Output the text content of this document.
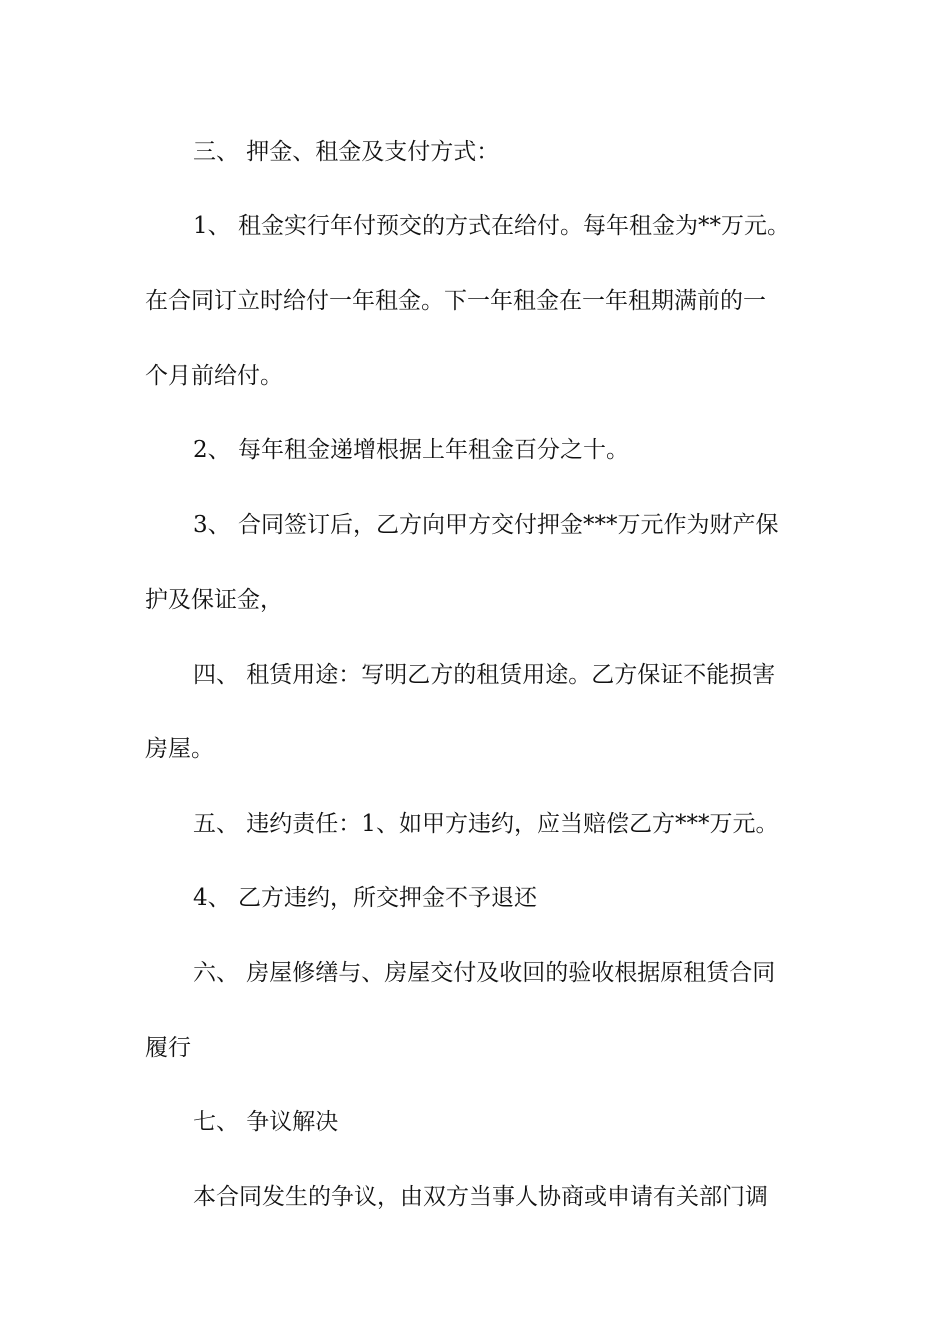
三、 押金、租金及支付方式：
1、 租金实行年付预交的方式在给付。每年租金为**万元。
在合同订立时给付一年租金。下一年租金在一年租期满前的一
个月前给付。
2、 每年租金递增根据上年租金百分之十。
3、 合同签订后，乙方向甲方交付押金***万元作为财产保
护及保证金，
四、 租赁用途：写明乙方的租赁用途。乙方保证不能损害
房屋。
五、 违约责任：1、如甲方违约，应当赔偿乙方***万元。
4、 乙方违约，所交押金不予退还
六、 房屋修缮与、房屋交付及收回的验收根据原租赁合同
履行
七、 争议解决
本合同发生的争议，由双方当事人协商或申请有关部门调
